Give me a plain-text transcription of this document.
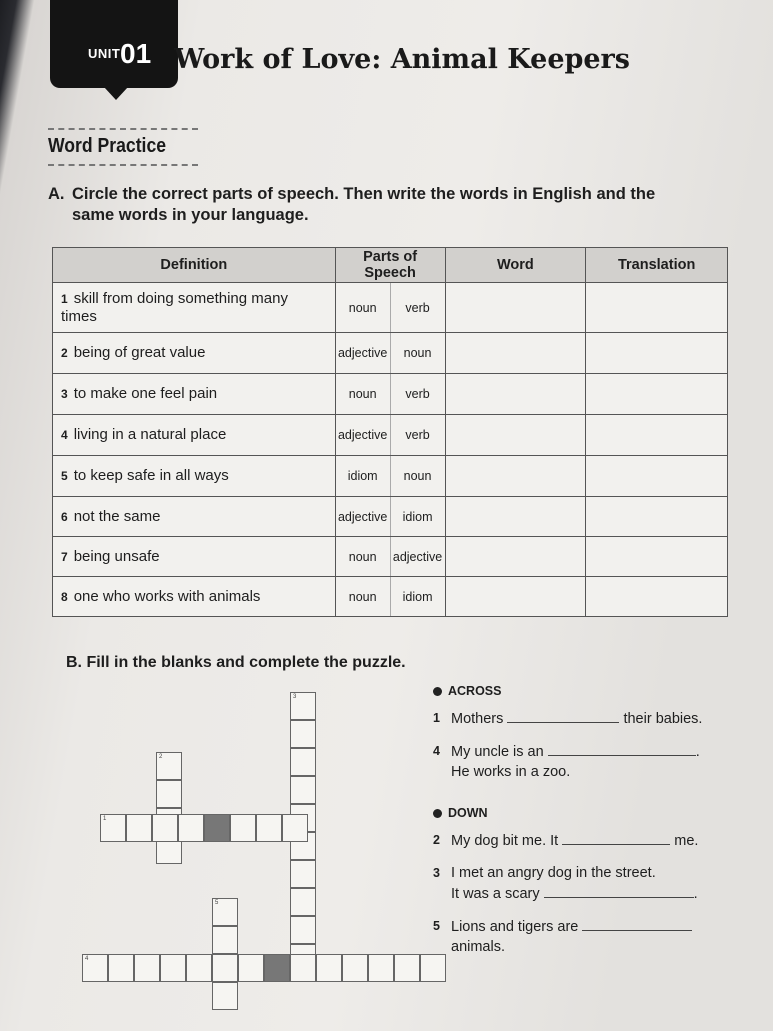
UNIT 01 Work of Love: Animal Keepers
Word Practice
A. Circle the correct parts of speech. Then write the words in English and the
same words in your language.
Definition	Parts of Speech		Word	Translation
1 skill from doing something many times	noun	verb		
2 being of great value	adjective	noun		
3 to make one feel pain	noun	verb		
4 living in a natural place	adjective	verb		
5 to keep safe in all ways	idiom	noun		
6 not the same	adjective	idiom		
7 being unsafe	noun	adjective		
8 one who works with animals	noun	idiom		
B. Fill in the blanks and complete the puzzle.
3
2
1
5
4
ACROSS
1 Mothers	their babies.
4 My uncle is an	.
He works in a zoo.
DOWN
2 My dog bit me. It	me.
3 I met an angry dog in the street.
It was a scary	.
5 Lions and tigers are
animals.
